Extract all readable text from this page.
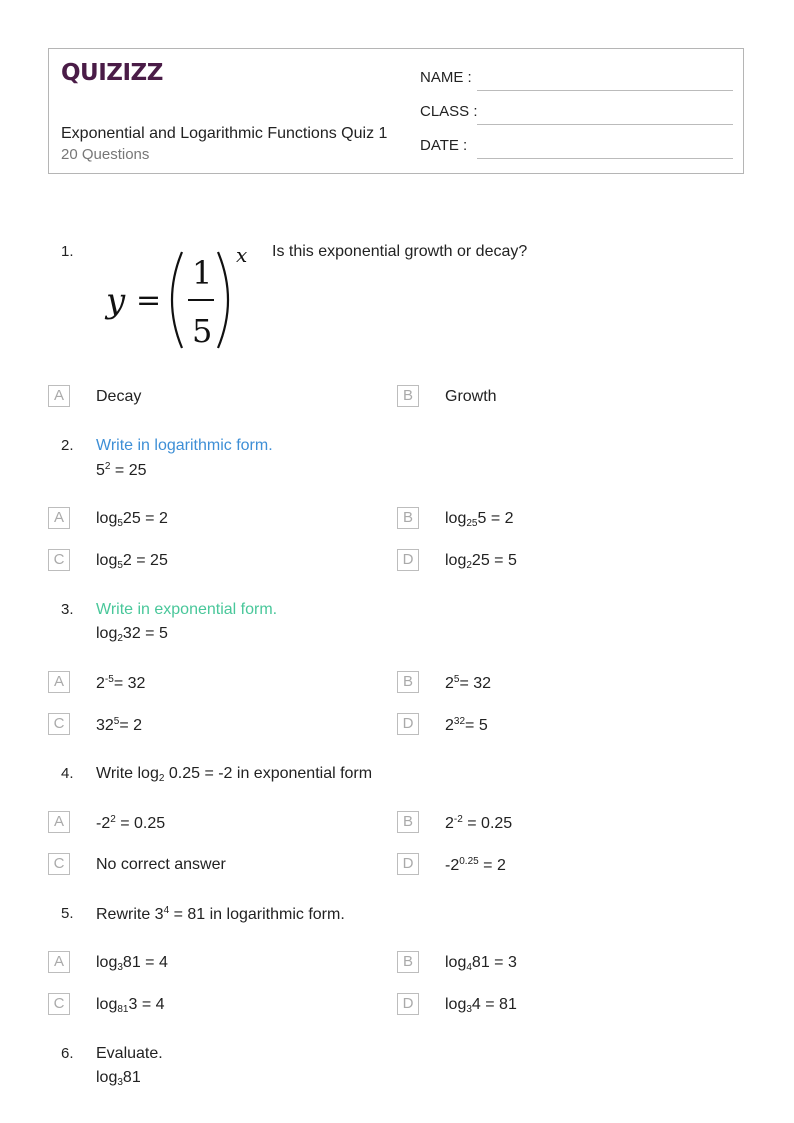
QUIZIZZ
Exponential and Logarithmic Functions Quiz 1
20 Questions
NAME :
CLASS :
DATE :
1.
y =
1
5
x Is this exponential growth or decay?
A	Decay	B	Growth
2. Write in logarithmic form.
$5^2 = 25$
A	$\log_525 = 2$	B	$\log_{25}5 = 2$
C	$\log_52 = 25$	D	$\log_225 = 5$
3. Write in exponential form.
$\log_232 = 5$
A	$2^{-5}= 32$	B	$2^5= 32$
C	$32^5= 2$	D	$2^{32}= 5$
4. Write $\log_2 0.25 = -2$ in exponential form
A	$-2^2 = 0.25$	B	$2^{-2} = 0.25$
C	No correct answer	D	$-2^{0.25} = 2$
5. Rewrite $3^4 = 81$ in logarithmic form.
A	$\log_381 = 4$	B	$\log_481 = 3$
C	$\log_{81}3 = 4$	D	$\log_34 = 81$
6. Evaluate.
$\log_381$
